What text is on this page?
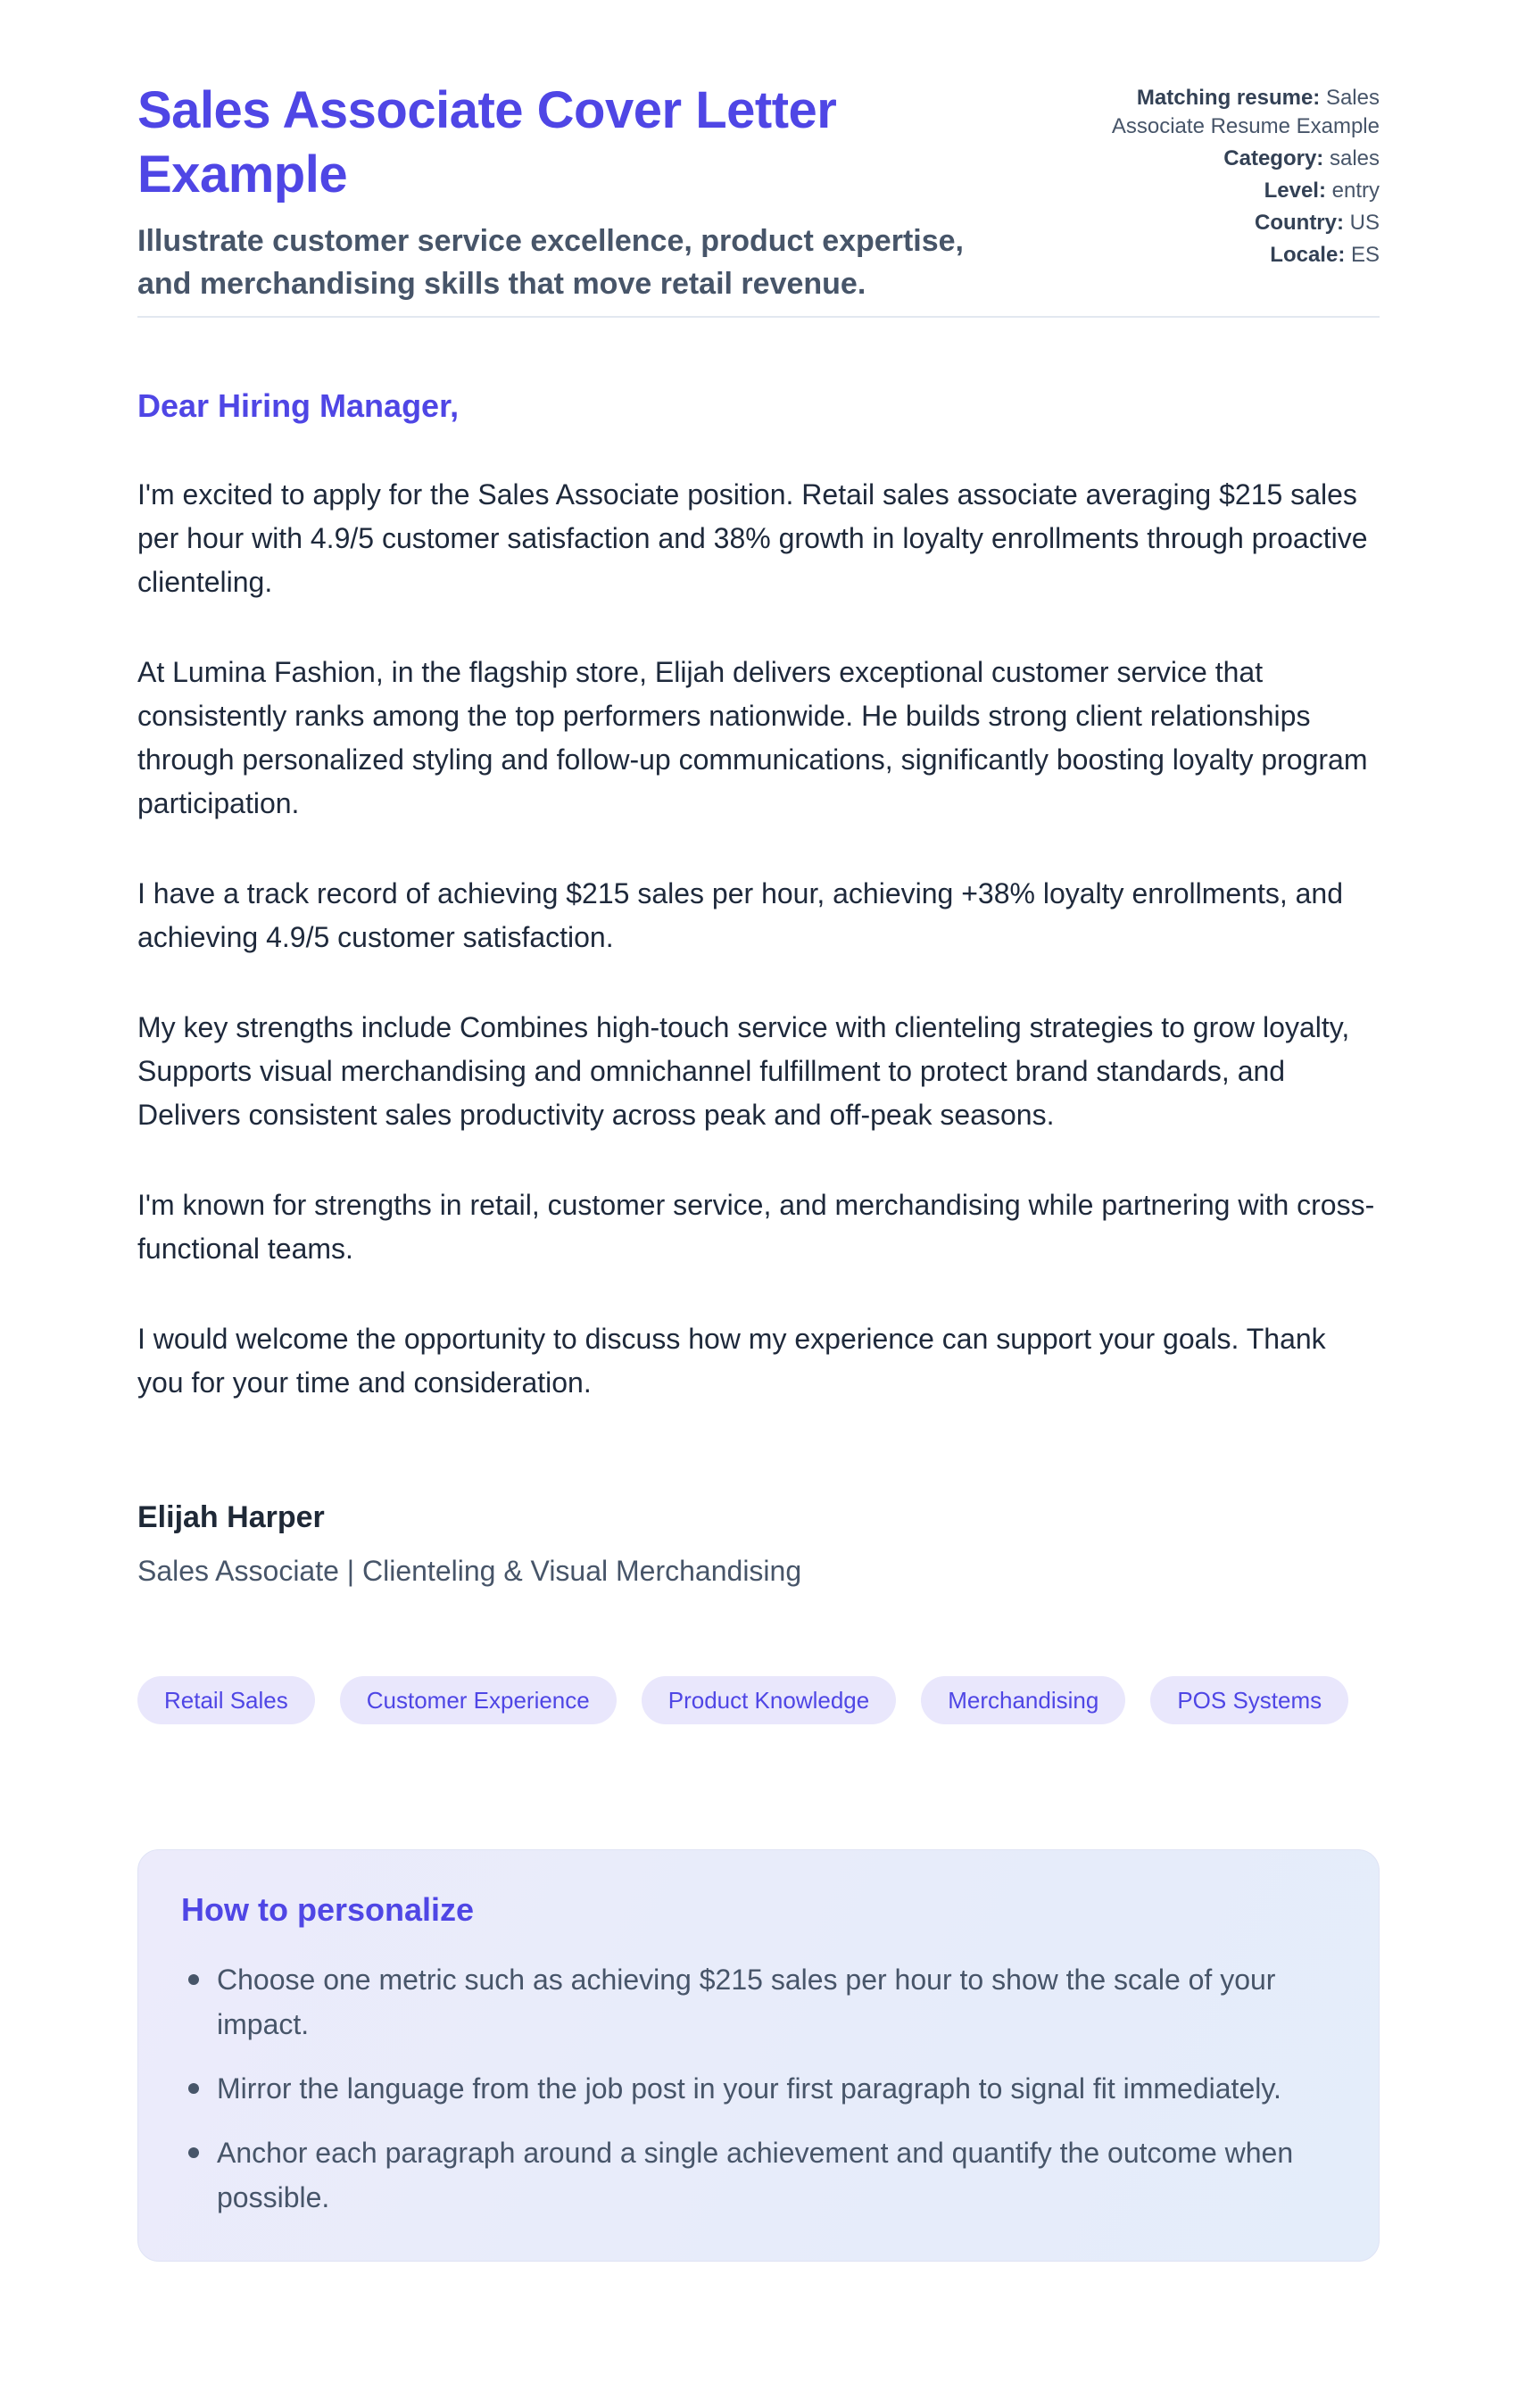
Sales Associate Cover Letter Example
Illustrate customer service excellence, product expertise, and merchandising skills that move retail revenue.
Matching resume: Sales Associate Resume Example
Category: sales
Level: entry
Country: US
Locale: ES
Dear Hiring Manager,

I'm excited to apply for the Sales Associate position. Retail sales associate averaging $215 sales per hour with 4.9/5 customer satisfaction and 38% growth in loyalty enrollments through proactive clienteling.

At Lumina Fashion, in the flagship store, Elijah delivers exceptional customer service that consistently ranks among the top performers nationwide. He builds strong client relationships through personalized styling and follow-up communications, significantly boosting loyalty program participation.

I have a track record of achieving $215 sales per hour, achieving +38% loyalty enrollments, and achieving 4.9/5 customer satisfaction.

My key strengths include Combines high-touch service with clienteling strategies to grow loyalty, Supports visual merchandising and omnichannel fulfillment to protect brand standards, and Delivers consistent sales productivity across peak and off-peak seasons.

I'm known for strengths in retail, customer service, and merchandising while partnering with cross-functional teams.

I would welcome the opportunity to discuss how my experience can support your goals. Thank you for your time and consideration.

Elijah Harper
Sales Associate | Clienteling & Visual Merchandising
Retail Sales	Customer Experience	Product Knowledge	Merchandising	POS Systems
How to personalize
Choose one metric such as achieving $215 sales per hour to show the scale of your impact.
Mirror the language from the job post in your first paragraph to signal fit immediately.
Anchor each paragraph around a single achievement and quantify the outcome when possible.
